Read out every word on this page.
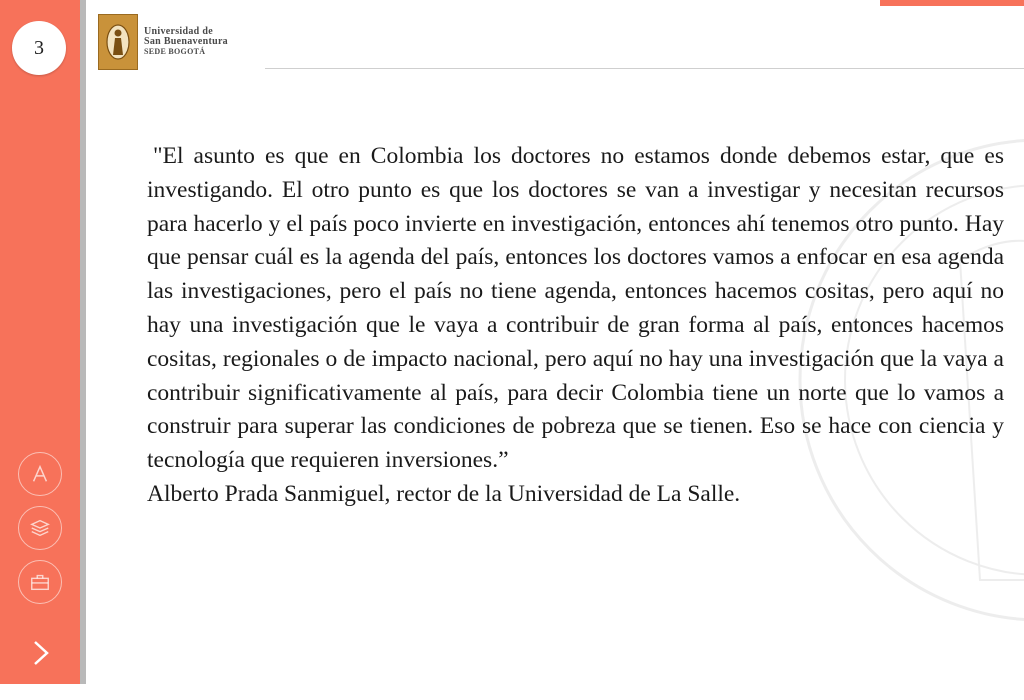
3
Universidad de
San Buenaventura
SEDE BOGOTÁ

"El asunto es que en Colombia los doctores no estamos donde debemos estar, que es investigando. El otro punto es que los doctores se van a investigar y necesitan recursos para hacerlo y el país poco invierte en investigación, entonces ahí tenemos otro punto. Hay que pensar cuál es la agenda del país, entonces los doctores vamos a enfocar en esa agenda las investigaciones, pero el país no tiene agenda, entonces hacemos cositas, pero aquí no hay una investigación que le vaya a contribuir de gran forma al país, entonces hacemos cositas, regionales o de impacto nacional, pero aquí no hay una investigación que la vaya a contribuir significativamente al país, para decir Colombia tiene un norte que lo vamos a construir para superar las condiciones de pobreza que se tienen. Eso se hace con ciencia y tecnología que requieren inversiones.”

Alberto Prada Sanmiguel, rector de la Universidad de La Salle.
